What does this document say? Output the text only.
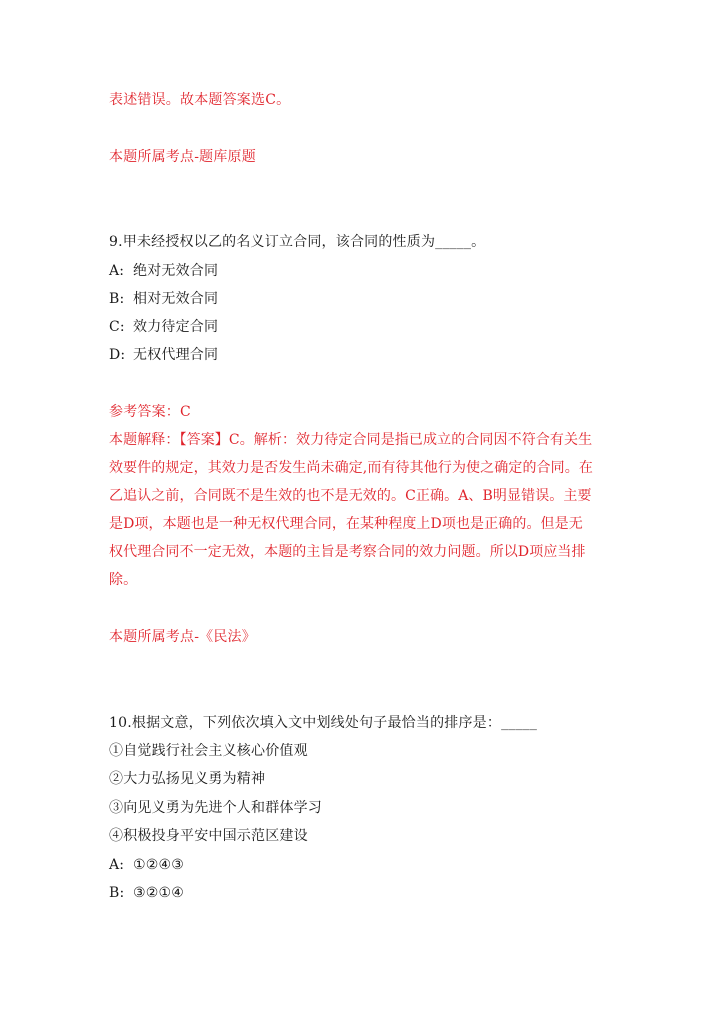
表述错误。故本题答案选C。
本题所属考点-题库原题
9.甲未经授权以乙的名义订立合同，该合同的性质为_____。
A: 绝对无效合同
B: 相对无效合同
C: 效力待定合同
D: 无权代理合同
参考答案：C
本题解释：【答案】C。解析：效力待定合同是指已成立的合同因不符合有关生
效要件的规定，其效力是否发生尚未确定,而有待其他行为使之确定的合同。在
乙追认之前，合同既不是生效的也不是无效的。C正确。A、B明显错误。主要
是D项，本题也是一种无权代理合同，在某种程度上D项也是正确的。但是无
权代理合同不一定无效，本题的主旨是考察合同的效力问题。所以D项应当排
除。
本题所属考点-《民法》
10.根据文意，下列依次填入文中划线处句子最恰当的排序是：_____
①自觉践行社会主义核心价值观
②大力弘扬见义勇为精神
③向见义勇为先进个人和群体学习
④积极投身平安中国示范区建设
A: ①②④③
B: ③②①④
